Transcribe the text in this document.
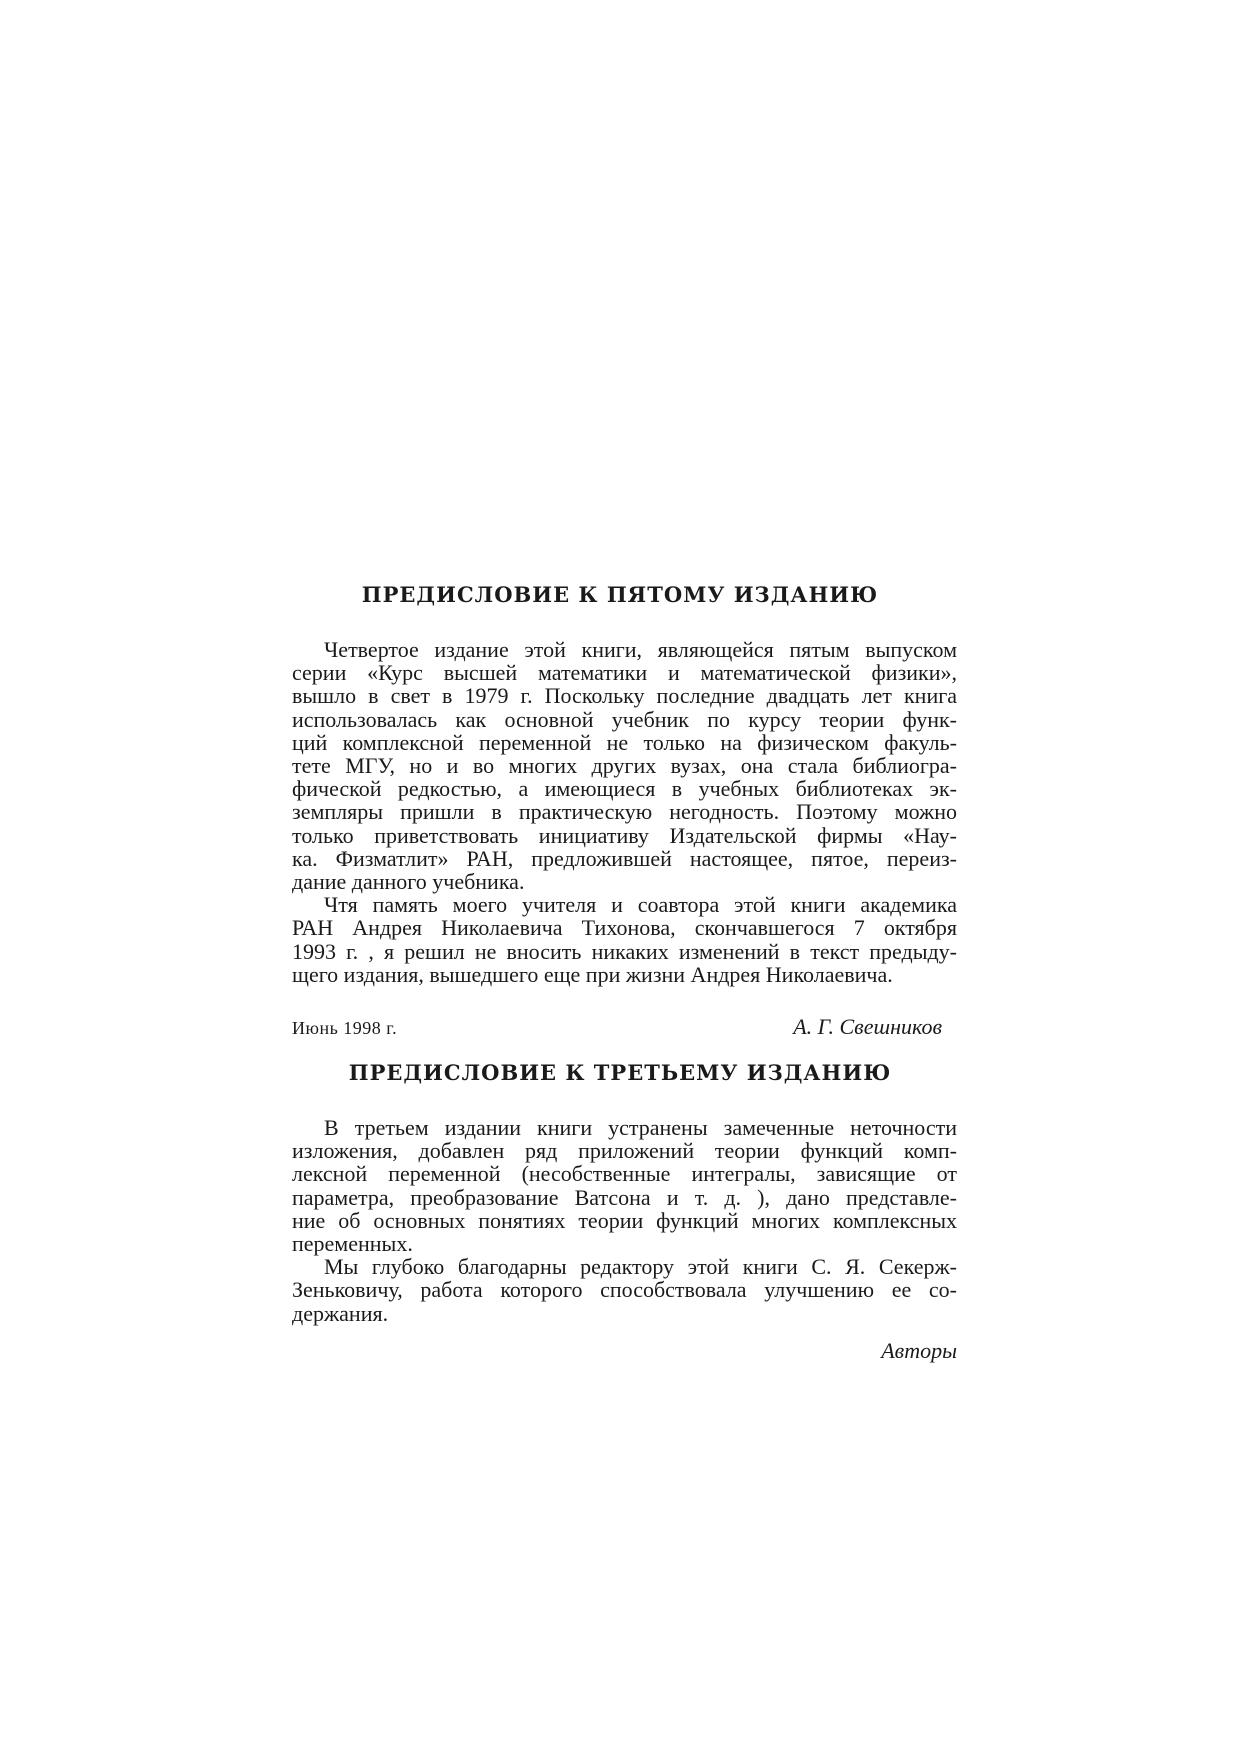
ПРЕДИСЛОВИЕ К ПЯТОМУ ИЗДАНИЮ
Четвертое издание этой книги, являющейся пятым выпуском
серии «Курс высшей математики и математической физики»,
вышло в свет в 1979 г. Поскольку последние двадцать лет книга
использовалась как основной учебник по курсу теории функ-
ций комплексной переменной не только на физическом факуль-
тете МГУ, но и во многих других вузах, она стала библиогра-
фической редкостью, а имеющиеся в учебных библиотеках эк-
земпляры пришли в практическую негодность. Поэтому можно
только приветствовать инициативу Издательской фирмы «Нау-
ка. Физматлит» РАН, предложившей настоящее, пятое, переиз-
дание данного учебника.
Чтя память моего учителя и соавтора этой книги академика
РАН Андрея Николаевича Тихонова, скончавшегося 7 октября
1993 г. , я решил не вносить никаких изменений в текст предыду-
щего издания, вышедшего еще при жизни Андрея Николаевича.
Июнь 1998 г.	А. Г. Свешников
ПРЕДИСЛОВИЕ К ТРЕТЬЕМУ ИЗДАНИЮ
В третьем издании книги устранены замеченные неточности
изложения, добавлен ряд приложений теории функций комп-
лексной переменной (несобственные интегралы, зависящие от
параметра, преобразование Ватсона и т. д. ), дано представле-
ние об основных понятиях теории функций многих комплексных
переменных.
Мы глубоко благодарны редактору этой книги С. Я. Секерж-
Зеньковичу, работа которого способствовала улучшению ее со-
держания.
Авторы
